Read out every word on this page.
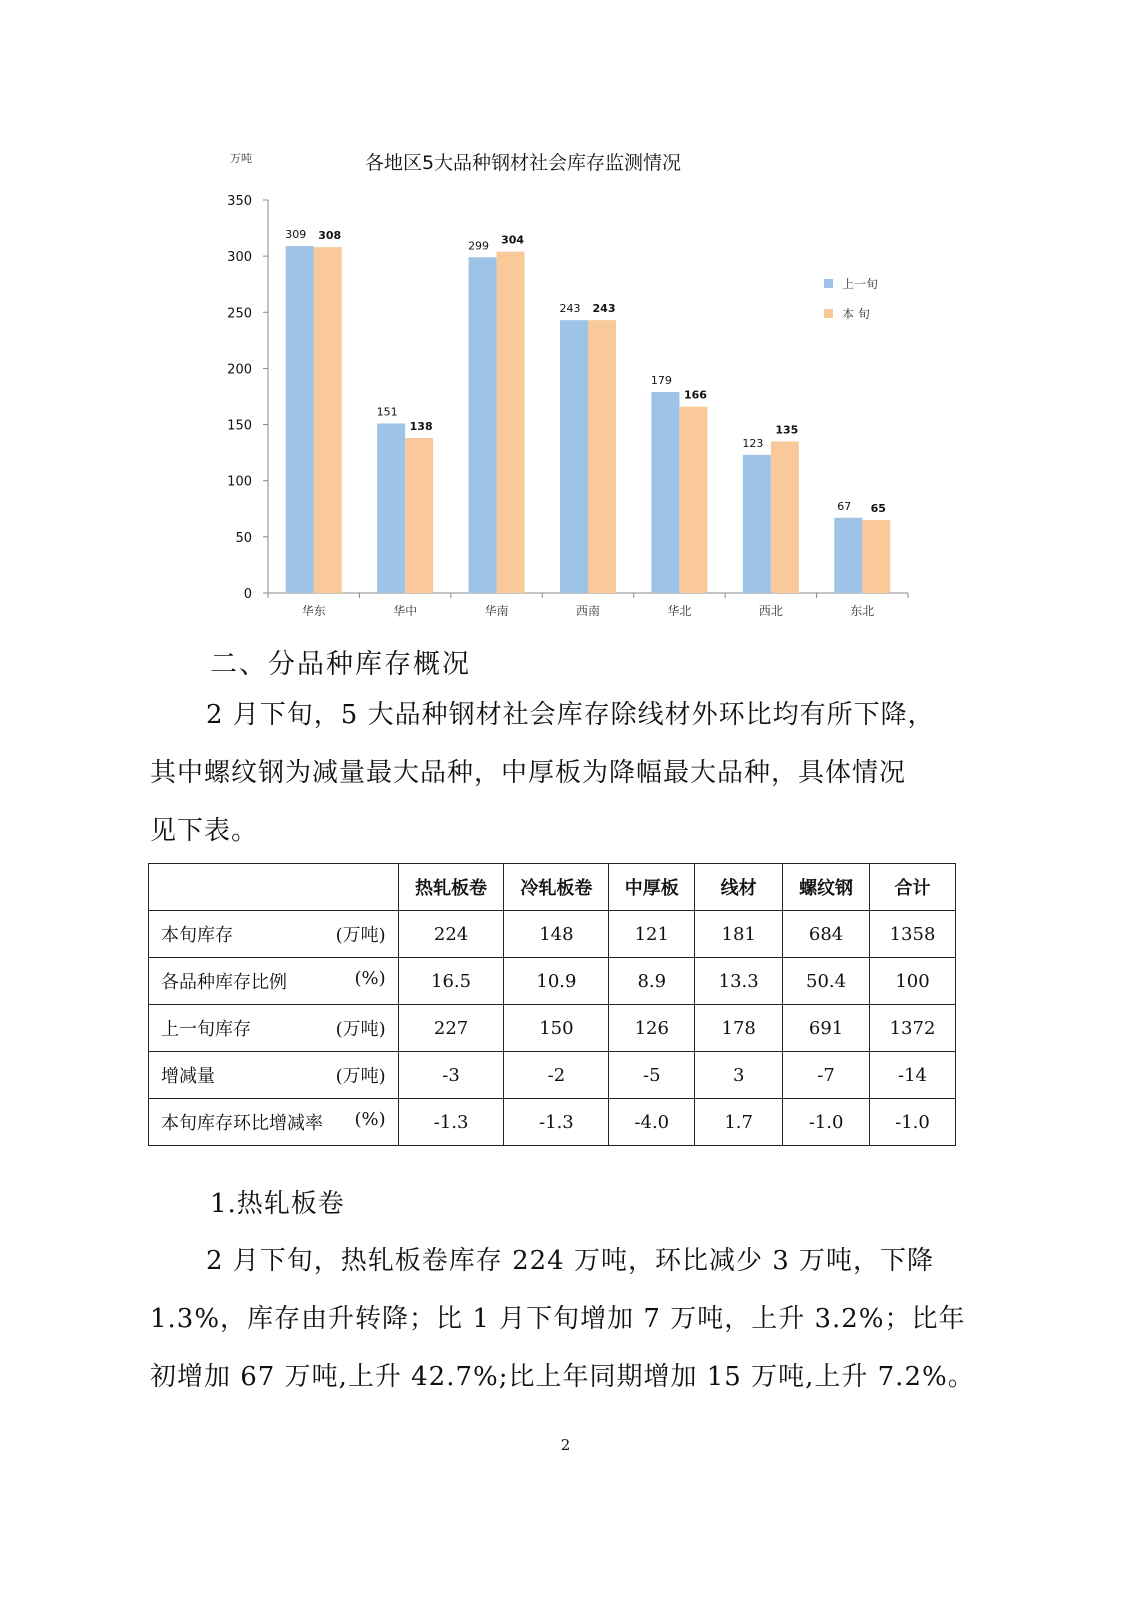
各地区5大品种钢材社会库存监测情况
万吨
0
50
100
150
200
250
300
350
华东
309 308
华中
151
138
华南
299 304
西南
243 243
华北
179
166
西北
123
135
东北
67 65
上一旬
本 旬
二、分品种库存概况
2 月下旬，5 大品种钢材社会库存除线材外环比均有所下降，
其中螺纹钢为减量最大品种，中厚板为降幅最大品种，具体情况
见下表。
	热轧板卷	冷轧板卷	中厚板	线材	螺纹钢	合计

本旬库存 (万吨)	224	148	121	181	684	1358

各品种库存比例 (%)	16.5	10.9	8.9	13.3	50.4	100

上一旬库存 (万吨)	227	150	126	178	691	1372

增减量 (万吨)	-3	-2	-5	3	-7	-14

本旬库存环比增减率 (%)	-1.3	-1.3	-4.0	1.7	-1.0	-1.0
1.热轧板卷
2 月下旬，热轧板卷库存 224 万吨，环比减少 3 万吨，下降
1.3%，库存由升转降；比 1 月下旬增加 7 万吨，上升 3.2%；比年
初增加 67 万吨,上升 42.7%;比上年同期增加 15 万吨,上升 7.2%。
2
